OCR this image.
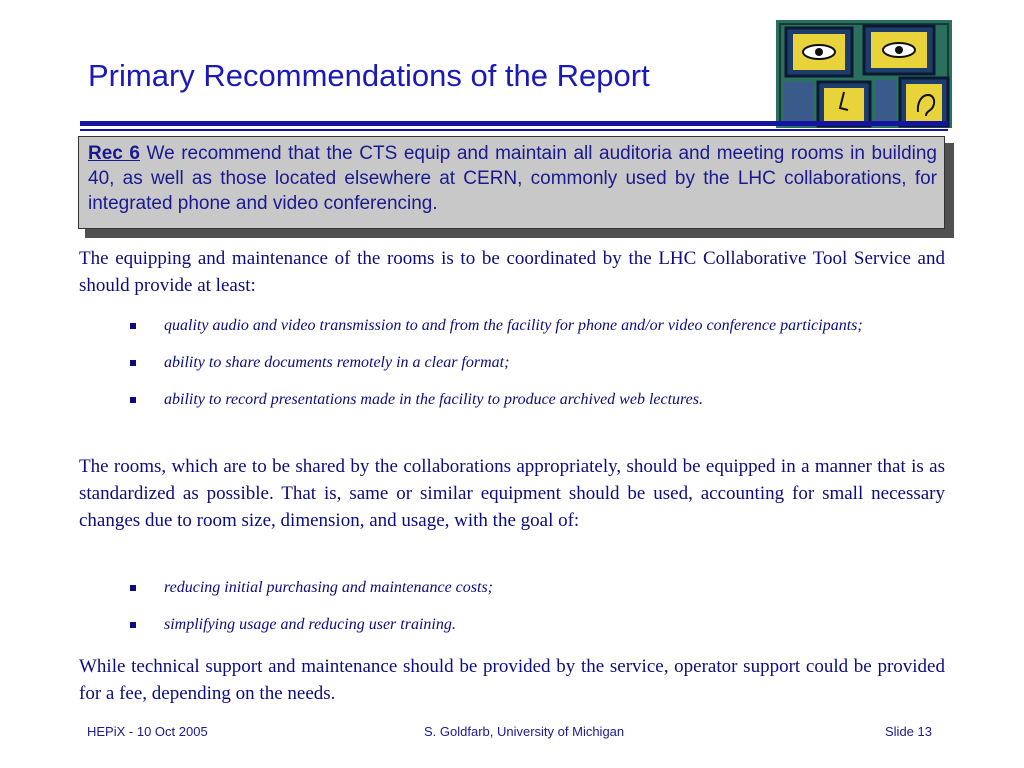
Primary Recommendations of the Report
Rec 6 We recommend that the CTS equip and maintain all auditoria and meeting rooms in building 40, as well as those located elsewhere at CERN, commonly used by the LHC collaborations, for integrated phone and video conferencing.
The equipping and maintenance of the rooms is to be coordinated by the LHC Collaborative Tool Service and should provide at least:
quality audio and video transmission to and from the facility for phone and/or video conference participants;
ability to share documents remotely in a clear format;
ability to record presentations made in the facility to produce archived web lectures.
The rooms, which are to be shared by the collaborations appropriately, should be equipped in a manner that is as standardized as possible. That is, same or similar equipment should be used, accounting for small necessary changes due to room size, dimension, and usage, with the goal of:
reducing initial purchasing and maintenance costs;
simplifying usage and reducing user training.
While technical support and maintenance should be provided by the service, operator support could be provided for a fee, depending on the needs.
HEPiX - 10 Oct 2005	S. Goldfarb, University of Michigan	Slide 13
